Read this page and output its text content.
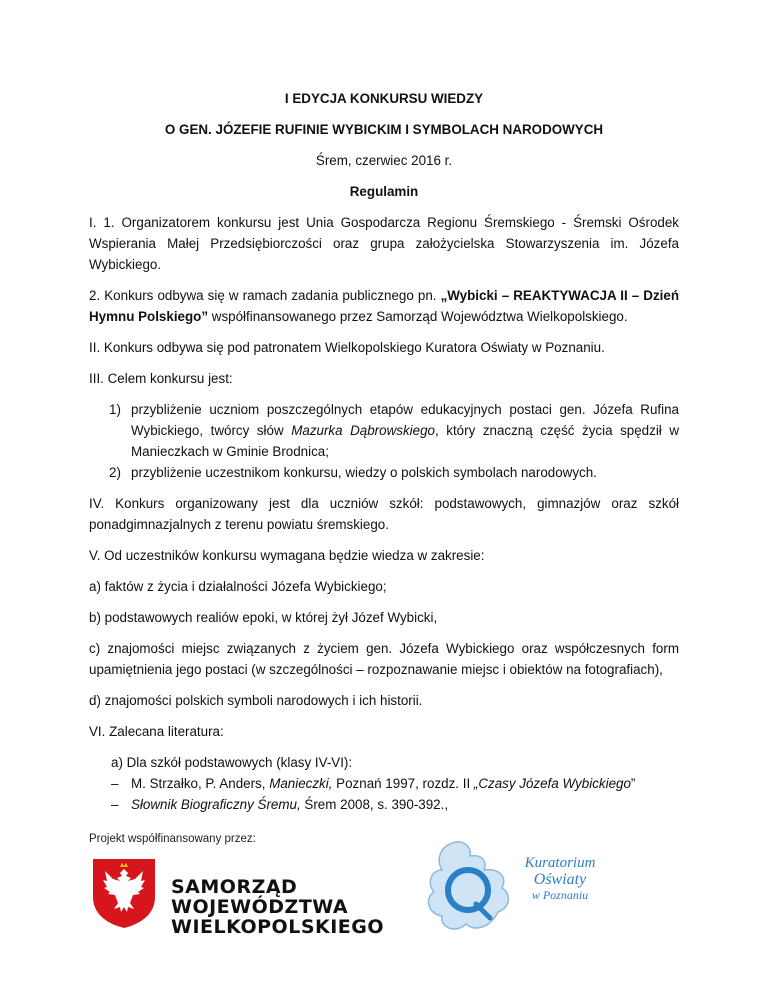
I EDYCJA KONKURSU WIEDZY
O GEN. JÓZEFIE RUFINIE WYBICKIM I SYMBOLACH NARODOWYCH
Śrem, czerwiec 2016 r.
Regulamin

I. 1. Organizatorem konkursu jest Unia Gospodarcza Regionu Śremskiego - Śremski Ośrodek Wspierania Małej Przedsiębiorczości oraz grupa założycielska Stowarzyszenia im. Józefa Wybickiego.

2. Konkurs odbywa się w ramach zadania publicznego pn. „Wybicki – REAKTYWACJA II – Dzień Hymnu Polskiego” współfinansowanego przez Samorząd Województwa Wielkopolskiego.

II. Konkurs odbywa się pod patronatem Wielkopolskiego Kuratora Oświaty w Poznaniu.

III. Celem konkursu jest:

1) przybliżenie uczniom poszczególnych etapów edukacyjnych postaci gen. Józefa Rufina Wybickiego, twórcy słów Mazurka Dąbrowskiego, który znaczną część życia spędził w Manieczkach w Gminie Brodnica;
2) przybliżenie uczestnikom konkursu, wiedzy o polskich symbolach narodowych.

IV. Konkurs organizowany jest dla uczniów szkół: podstawowych, gimnazjów oraz szkół ponadgimnazjalnych z terenu powiatu śremskiego.

V. Od uczestników konkursu wymagana będzie wiedza w zakresie:

a) faktów z życia i działalności Józefa Wybickiego;

b) podstawowych realiów epoki, w której żył Józef Wybicki,

c) znajomości miejsc związanych z życiem gen. Józefa Wybickiego oraz współczesnych form upamiętnienia jego postaci (w szczególności – rozpoznawanie miejsc i obiektów na fotografiach),

d) znajomości polskich symboli narodowych i ich historii.

VI. Zalecana literatura:

a) Dla szkół podstawowych (klasy IV-VI):
– M. Strzałko, P. Anders, Manieczki, Poznań 1997, rozdz. II „Czasy Józefa Wybickiego”
– Słownik Biograficzny Śremu, Śrem 2008, s. 390-392.,
Projekt współfinansowany przez:
SAMORZĄD WOJEWÓDZTWA
WIELKOPOLSKIEGO
Kuratorium
Oświaty
w Poznaniu
